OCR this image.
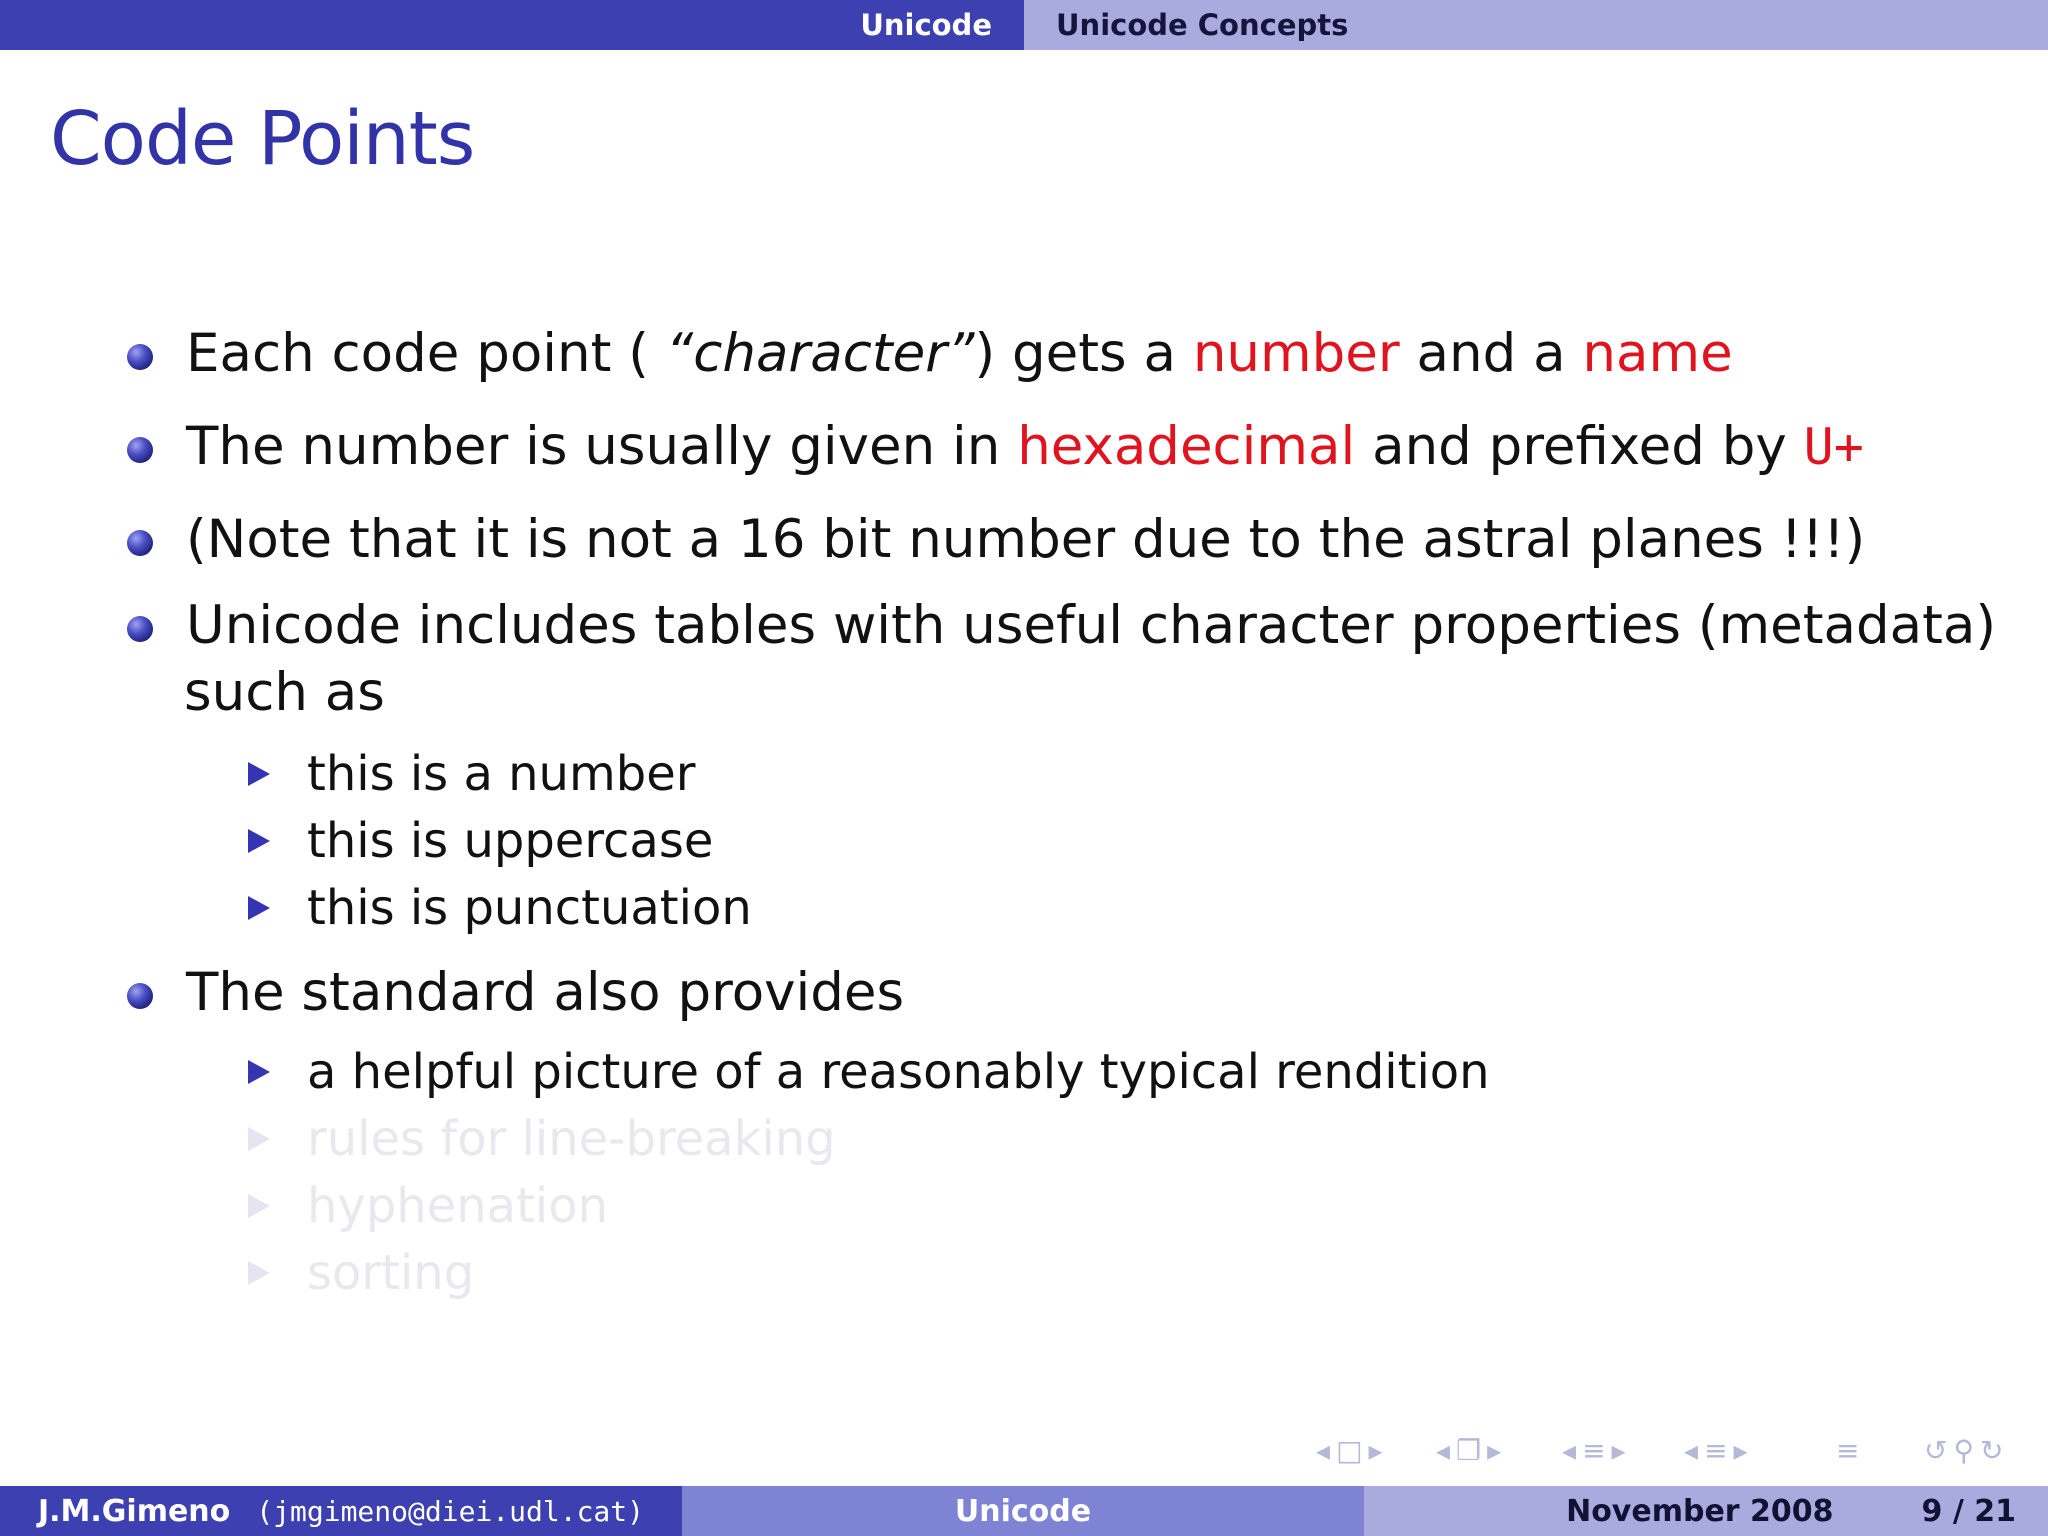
Unicode	Unicode Concepts
Code Points
Each code point ( “character”) gets a number and a name
The number is usually given in hexadecimal and prefixed by U+
(Note that it is not a 16 bit number due to the astral planes !!!)
Unicode includes tables with useful character properties (metadata)
such as
this is a number
this is uppercase
this is punctuation
The standard also provides
a helpful picture of a reasonably typical rendition
rules for line-breaking
hyphenation
sorting
◂ □ ▸ ◂ ❐ ▸ ◂ ≡ ▸ ◂ ≡ ▸	≡ ↺ ⚲ ↻
J.M.Gimeno (jmgimeno@diei.udl.cat)	Unicode	November 2008	9 / 21
